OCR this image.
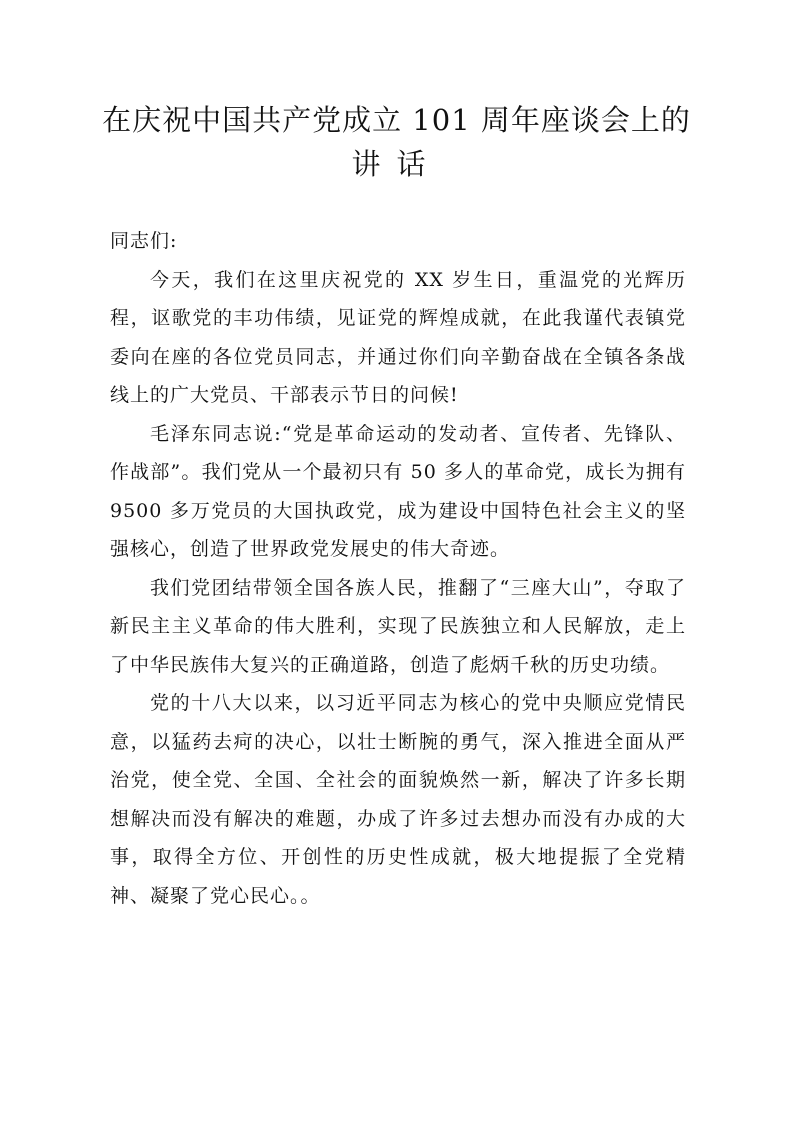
在庆祝中国共产党成立 101 周年座谈会上的
讲话

同志们:

今天，我们在这里庆祝党的 XX 岁生日，重温党的光辉历程，讴歌党的丰功伟绩，见证党的辉煌成就，在此我谨代表镇党委向在座的各位党员同志，并通过你们向辛勤奋战在全镇各条战线上的广大党员、干部表示节日的问候!

毛泽东同志说:“党是革命运动的发动者、宣传者、先锋队、作战部”。我们党从一个最初只有 50 多人的革命党，成长为拥有 9500 多万党员的大国执政党，成为建设中国特色社会主义的坚强核心，创造了世界政党发展史的伟大奇迹。

我们党团结带领全国各族人民，推翻了“三座大山”，夺取了新民主主义革命的伟大胜利，实现了民族独立和人民解放，走上了中华民族伟大复兴的正确道路，创造了彪炳千秋的历史功绩。

党的十八大以来，以习近平同志为核心的党中央顺应党情民意，以猛药去疴的决心，以壮士断腕的勇气，深入推进全面从严治党，使全党、全国、全社会的面貌焕然一新，解决了许多长期想解决而没有解决的难题，办成了许多过去想办而没有办成的大事，取得全方位、开创性的历史性成就，极大地提振了全党精神、凝聚了党心民心。。
